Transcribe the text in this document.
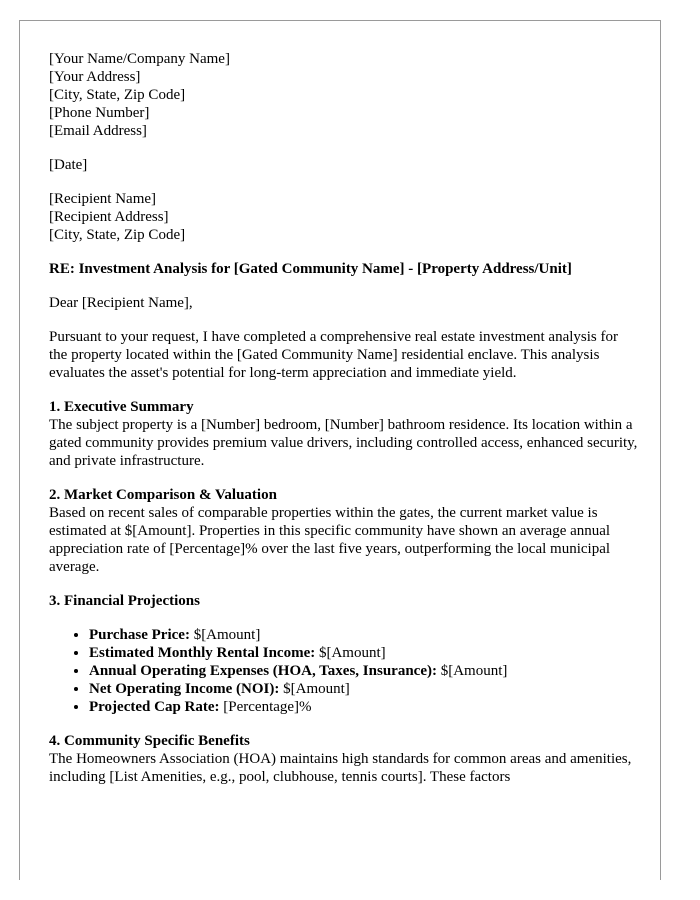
[Your Name/Company Name]
[Your Address]
[City, State, Zip Code]
[Phone Number]
[Email Address]
[Date]
[Recipient Name]
[Recipient Address]
[City, State, Zip Code]

RE: Investment Analysis for [Gated Community Name] - [Property Address/Unit]

Dear [Recipient Name],

Pursuant to your request, I have completed a comprehensive real estate investment analysis for the property located within the [Gated Community Name] residential enclave. This analysis evaluates the asset's potential for long-term appreciation and immediate yield.

1. Executive Summary
The subject property is a [Number] bedroom, [Number] bathroom residence. Its location within a gated community provides premium value drivers, including controlled access, enhanced security, and private infrastructure.
2. Market Comparison & Valuation
Based on recent sales of comparable properties within the gates, the current market value is estimated at $[Amount]. Properties in this specific community have shown an average annual appreciation rate of [Percentage]% over the last five years, outperforming the local municipal average.
3. Financial Projections
• Purchase Price: $[Amount]
• Estimated Monthly Rental Income: $[Amount]
• Annual Operating Expenses (HOA, Taxes, Insurance): $[Amount]
• Net Operating Income (NOI): $[Amount]
• Projected Cap Rate: [Percentage]%
4. Community Specific Benefits
The Homeowners Association (HOA) maintains high standards for common areas and amenities, including [List Amenities, e.g., pool, clubhouse, tennis courts]. These factors
